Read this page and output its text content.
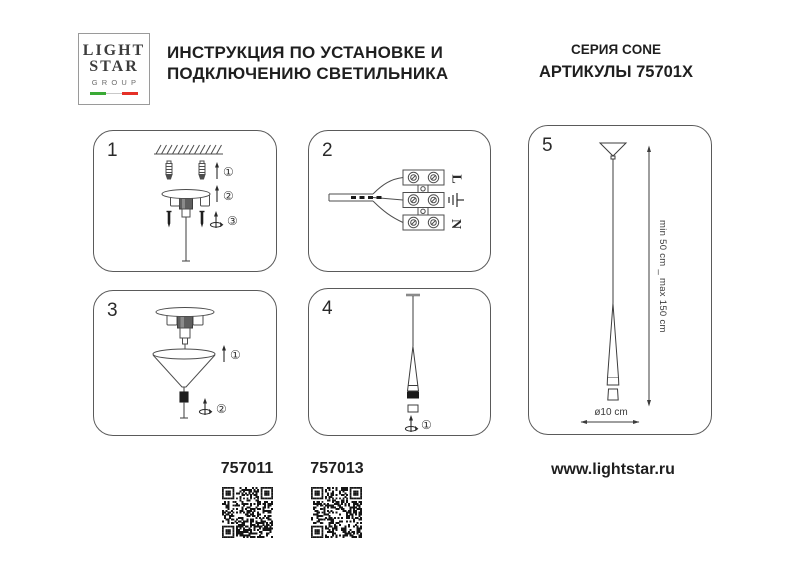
LIGHT
STAR
GROUP
ИНСТРУКЦИЯ ПО УСТАНОВКЕ И
ПОДКЛЮЧЕНИЮ СВЕТИЛЬНИКА
СЕРИЯ CONE
АРТИКУЛЫ 75701X
1
①
②
③
2
L
N
3
①
②
4
①
5
min 50 cm _ max 150 cm
ø10 cm
757011	757013	www.lightstar.ru
